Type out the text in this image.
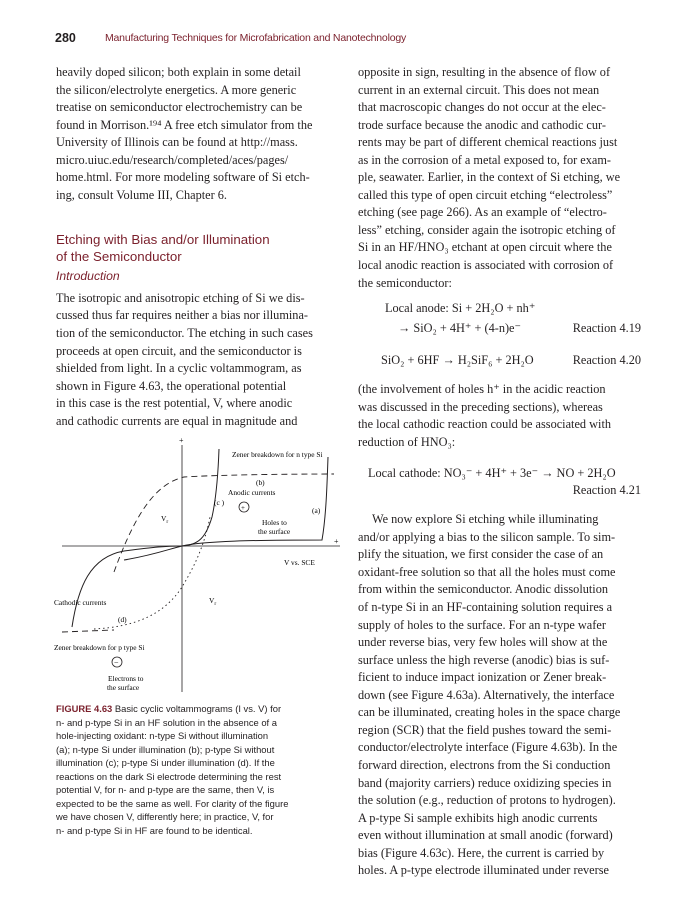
280	Manufacturing Techniques for Microfabrication and Nanotechnology

heavily doped silicon; both explain in some detail
the silicon/electrolyte energetics. A more generic
treatise on semiconductor electrochemistry can be
found in Morrison.¹⁹⁴ A free etch simulator from the
University of Illinois can be found at http://mass.
micro.uiuc.edu/research/completed/aces/pages/
home.html. For more modeling software of Si etch-
ing, consult Volume III, Chapter 6.

Etching with Bias and/or Illumination
of the Semiconductor

Introduction

The isotropic and anisotropic etching of Si we dis-
cussed thus far requires neither a bias nor illumina-
tion of the semiconductor. The etching in such cases
proceeds at open circuit, and the semiconductor is
shielded from light. In a cyclic voltammogram, as
shown in Figure 4.63, the operational potential
in this case is the rest potential, V, where anodic
and cathodic currents are equal in magnitude and

+
+
Zener breakdown for n type Si
(b)
Anodic currents
(c )
+	(a)
$V_r$	Holes to
the surface
V vs. SCE
$V_r$
Cathodic currents
(d)
Zener breakdown for p type Si
−
Electrons to
the surface
FIGURE 4.63 Basic cyclic voltammograms (I vs. V) for
n- and p-type Si in an HF solution in the absence of a
hole-injecting oxidant: n-type Si without illumination
(a); n-type Si under illumination (b); p-type Si without
illumination (c); p-type Si under illumination (d). If the
reactions on the dark Si electrode determining the rest
potential V, for n- and p-type are the same, then V, is
expected to be the same as well. For clarity of the figure
we have chosen V, differently here; in practice, V, for
n- and p-type Si in HF are found to be identical.

opposite in sign, resulting in the absence of flow of
current in an external circuit. This does not mean
that macroscopic changes do not occur at the elec-
trode surface because the anodic and cathodic cur-
rents may be part of different chemical reactions just
as in the corrosion of a metal exposed to, for exam-
ple, seawater. Earlier, in the context of Si etching, we
called this type of open circuit etching “electroless”
etching (see page 266). As an example of “electro-
less” etching, consider again the isotropic etching of
Si in an HF/HNO₃ etchant at open circuit where the
local anodic reaction is associated with corrosion of
the semiconductor:

Local anode: Si + 2H₂O + nh⁺
→ SiO₂ + 4H⁺ + (4-n)e⁻	Reaction 4.19
SiO₂ + 6HF → H₂SiF₆ + 2H₂O	Reaction 4.20

(the involvement of holes h⁺ in the acidic reaction
was discussed in the preceding sections), whereas
the local cathodic reaction could be associated with
reduction of HNO₃:

Local cathode: NO₃⁻ + 4H⁺ + 3e⁻ → NO + 2H₂O
Reaction 4.21

We now explore Si etching while illuminating
and/or applying a bias to the silicon sample. To sim-
plify the situation, we first consider the case of an
oxidant-free solution so that all the holes must come
from within the semiconductor. Anodic dissolution
of n-type Si in an HF-containing solution requires a
supply of holes to the surface. For an n-type wafer
under reverse bias, very few holes will show at the
surface unless the high reverse (anodic) bias is suf-
ficient to induce impact ionization or Zener break-
down (see Figure 4.63a). Alternatively, the interface
can be illuminated, creating holes in the space charge
region (SCR) that the field pushes toward the semi-
conductor/electrolyte interface (Figure 4.63b). In the
forward direction, electrons from the Si conduction
band (majority carriers) reduce oxidizing species in
the solution (e.g., reduction of protons to hydrogen).
A p-type Si sample exhibits high anodic currents
even without illumination at small anodic (forward)
bias (Figure 4.63c). Here, the current is carried by
holes. A p-type electrode illuminated under reverse
